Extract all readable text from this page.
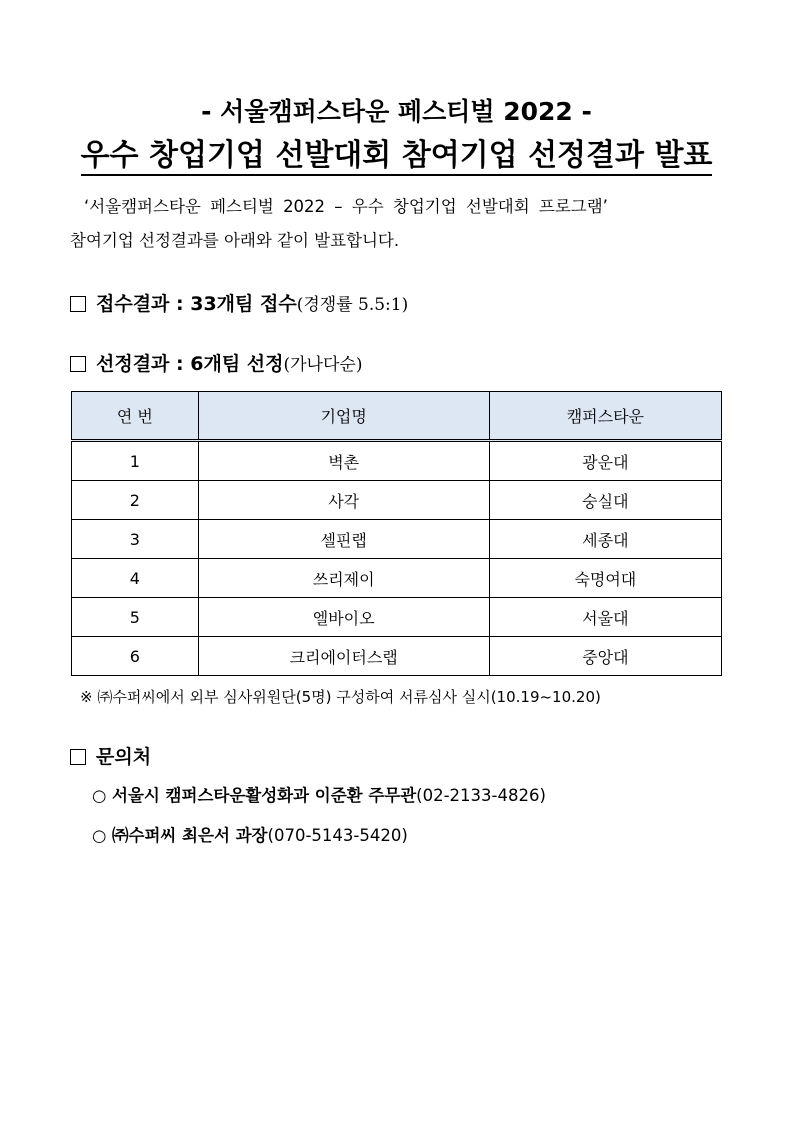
- 서울캠퍼스타운 페스티벌 2022 -
우수 창업기업 선발대회 참여기업 선정결과 발표
‘서울캠퍼스타운 페스티벌 2022 – 우수 창업기업 선발대회 프로그램’
참여기업 선정결과를 아래와 같이 발표합니다.
접수결과 : 33개팀 접수(경쟁률 5.5:1)
선정결과 : 6개팀 선정(가나다순)
연 번	기업명	캠퍼스타운
1	벽촌	광운대
2	사각	숭실대
3	셀핀랩	세종대
4	쓰리제이	숙명여대
5	엘바이오	서울대
6	크리에이터스랩	중앙대
※ ㈜수퍼씨에서 외부 심사위원단(5명) 구성하여 서류심사 실시(10.19~10.20)
문의처
○ 서울시 캠퍼스타운활성화과 이준환 주무관(02-2133-4826)
○ ㈜수퍼씨 최은서 과장(070-5143-5420)
